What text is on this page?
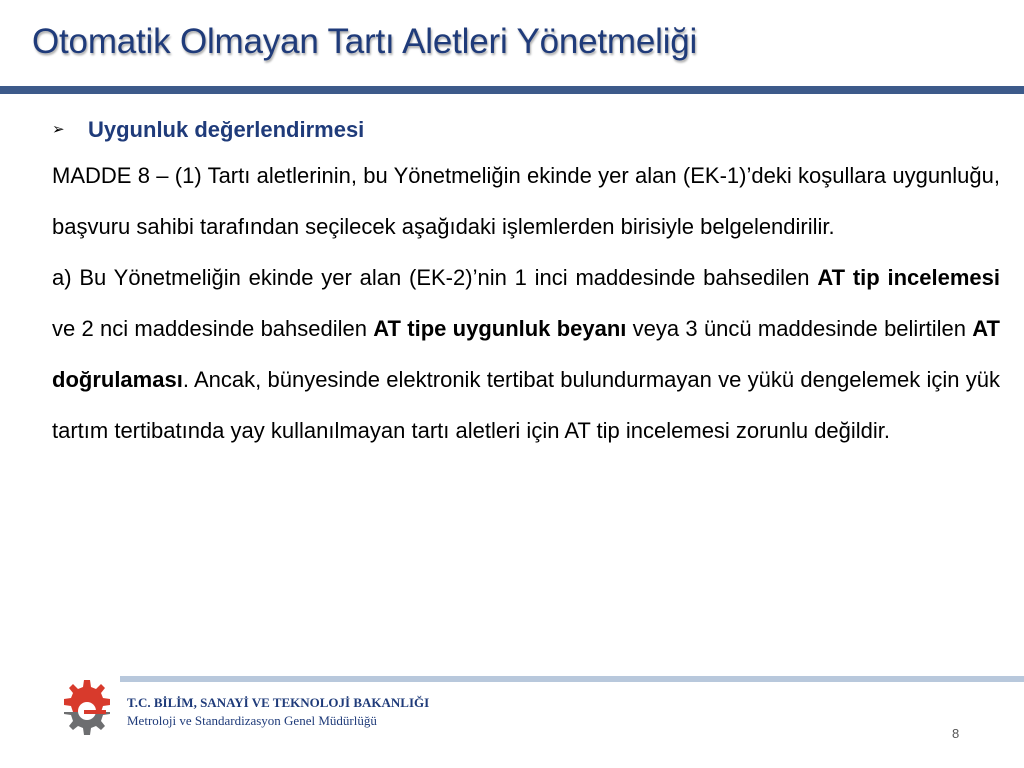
Otomatik Olmayan Tartı Aletleri Yönetmeliği
➢	Uygunluk değerlendirmesi

MADDE 8 – (1) Tartı aletlerinin, bu Yönetmeliğin ekinde yer alan (EK-1)’deki koşullara uygunluğu, başvuru sahibi tarafından seçilecek aşağıdaki işlemlerden birisiyle belgelendirilir.

a) Bu Yönetmeliğin ekinde yer alan (EK-2)’nin 1 inci maddesinde bahsedilen AT tip incelemesi ve 2 nci maddesinde bahsedilen AT tipe uygunluk beyanı veya 3 üncü maddesinde belirtilen AT doğrulaması. Ancak, bünyesinde elektronik tertibat bulundurmayan ve yükü dengelemek için yük tartım tertibatında yay kullanılmayan tartı aletleri için AT tip incelemesi zorunlu değildir.

T.C. BİLİM, SANAYİ VE TEKNOLOJİ BAKANLIĞI
Metroloji ve Standardizasyon Genel Müdürlüğü
8
